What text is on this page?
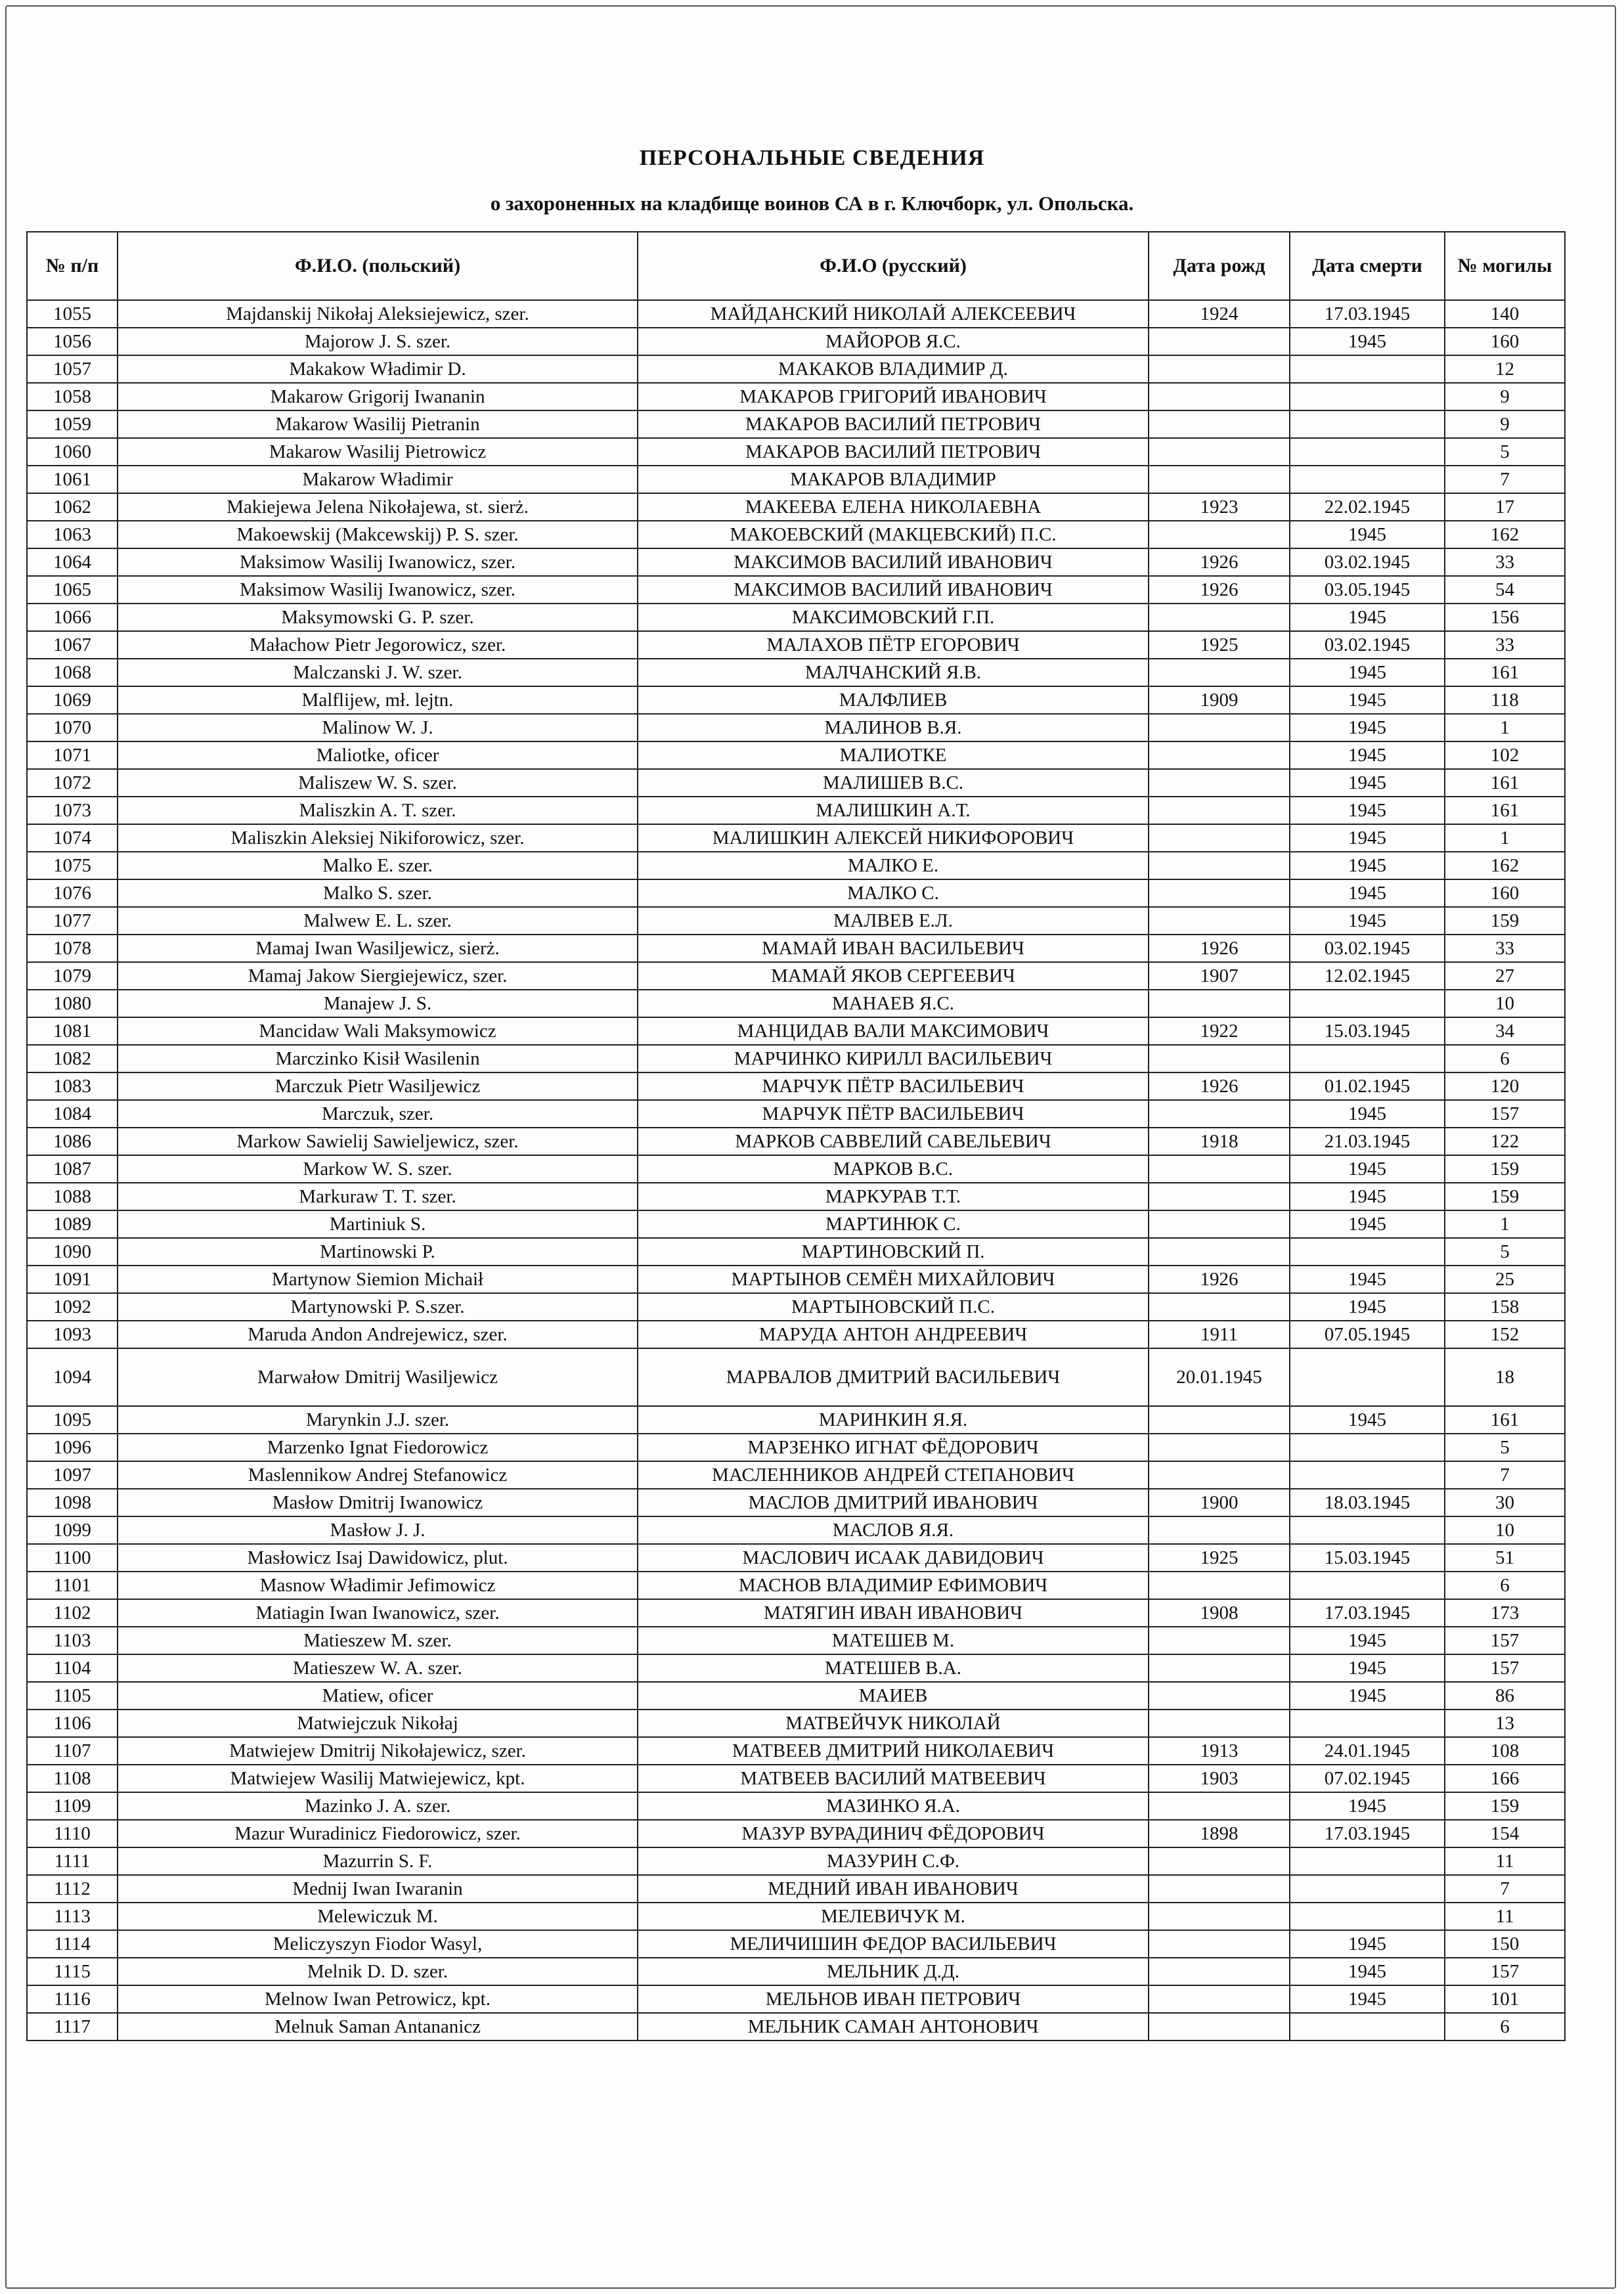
ПЕРСОНАЛЬНЫЕ СВЕДЕНИЯ
о захороненных на кладбище воинов СА в г. Ключборк, ул. Опольска.
№ п/п	Ф.И.О. (польский)	Ф.И.О (русский)	Дата рожд	Дата смерти	№ могилы
1055	Majdanskij Nikołaj Aleksiejewicz, szer.	МАЙДАНСКИЙ НИКОЛАЙ АЛЕКСЕЕВИЧ	1924	17.03.1945	140
1056	Majorow J. S. szer.	МАЙОРОВ Я.С.		1945	160
1057	Makakow Władimir D.	МАКАКОВ ВЛАДИМИР Д.			12
1058	Makarow Grigorij Iwananin	МАКАРОВ ГРИГОРИЙ ИВАНОВИЧ			9
1059	Makarow Wasilij Pietranin	МАКАРОВ ВАСИЛИЙ ПЕТРОВИЧ			9
1060	Makarow Wasilij Pietrowicz	МАКАРОВ ВАСИЛИЙ ПЕТРОВИЧ			5
1061	Makarow Władimir	МАКАРОВ ВЛАДИМИР			7
1062	Makiejewa Jelena Nikołajewa, st. sierż.	МАКЕЕВА ЕЛЕНА НИКОЛАЕВНА	1923	22.02.1945	17
1063	Makoewskij (Makcewskij) P. S. szer.	МАКОЕВСКИЙ (МАКЦЕВСКИЙ) П.С.		1945	162
1064	Maksimow Wasilij Iwanowicz, szer.	МАКСИМОВ ВАСИЛИЙ ИВАНОВИЧ	1926	03.02.1945	33
1065	Maksimow Wasilij Iwanowicz, szer.	МАКСИМОВ ВАСИЛИЙ ИВАНОВИЧ	1926	03.05.1945	54
1066	Maksymowski G. P. szer.	МАКСИМОВСКИЙ Г.П.		1945	156
1067	Małachow Pietr Jegorowicz, szer.	МАЛАХОВ ПЁТР ЕГОРОВИЧ	1925	03.02.1945	33
1068	Malczanski J. W. szer.	МАЛЧАНСКИЙ Я.В.		1945	161
1069	Malflijew, mł. lejtn.	МАЛФЛИЕВ	1909	1945	118
1070	Malinow W. J.	МАЛИНОВ В.Я.		1945	1
1071	Maliotke, oficer	МАЛИОТКЕ		1945	102
1072	Maliszew W. S. szer.	МАЛИШЕВ В.С.		1945	161
1073	Maliszkin A. T. szer.	МАЛИШКИН А.Т.		1945	161
1074	Maliszkin Aleksiej Nikiforowicz, szer.	МАЛИШКИН АЛЕКСЕЙ НИКИФОРОВИЧ		1945	1
1075	Malko E. szer.	МАЛКО Е.		1945	162
1076	Malko S. szer.	МАЛКО С.		1945	160
1077	Malwew E. L. szer.	МАЛВЕВ Е.Л.		1945	159
1078	Mamaj Iwan Wasiljewicz, sierż.	МАМАЙ ИВАН ВАСИЛЬЕВИЧ	1926	03.02.1945	33
1079	Mamaj Jakow Siergiejewicz, szer.	МАМАЙ ЯКОВ СЕРГЕЕВИЧ	1907	12.02.1945	27
1080	Manajew J. S.	МАНАЕВ Я.С.			10
1081	Mancidaw Wali Maksymowicz	МАНЦИДАВ ВАЛИ МАКСИМОВИЧ	1922	15.03.1945	34
1082	Marczinko Kisił Wasilenin	МАРЧИНКО КИРИЛЛ ВАСИЛЬЕВИЧ			6
1083	Marczuk Pietr Wasiljewicz	МАРЧУК ПЁТР ВАСИЛЬЕВИЧ	1926	01.02.1945	120
1084	Marczuk, szer.	МАРЧУК ПЁТР ВАСИЛЬЕВИЧ		1945	157
1086	Markow Sawielij Sawieljewicz, szer.	МАРКОВ САВВЕЛИЙ САВЕЛЬЕВИЧ	1918	21.03.1945	122
1087	Markow W. S. szer.	МАРКОВ В.С.		1945	159
1088	Markuraw T. T. szer.	МАРКУРАВ Т.Т.		1945	159
1089	Martiniuk S.	МАРТИНЮК С.		1945	1
1090	Martinowski P.	МАРТИНОВСКИЙ П.			5
1091	Martynow Siemion Michaił	МАРТЫНОВ СЕМЁН МИХАЙЛОВИЧ	1926	1945	25
1092	Martynowski P. S.szer.	МАРТЫНОВСКИЙ П.С.		1945	158
1093	Maruda Andon Andrejewicz, szer.	МАРУДА АНТОН АНДРЕЕВИЧ	1911	07.05.1945	152
1094	Marwałow Dmitrij Wasiljewicz	МАРВАЛОВ ДМИТРИЙ ВАСИЛЬЕВИЧ	20.01.1945		18
1095	Marynkin J.J. szer.	МАРИНКИН Я.Я.		1945	161
1096	Marzenko Ignat Fiedorowicz	МАРЗЕНКО ИГНАТ ФЁДОРОВИЧ			5
1097	Maslennikow Andrej Stefanowicz	МАСЛЕННИКОВ АНДРЕЙ СТЕПАНОВИЧ			7
1098	Masłow Dmitrij Iwanowicz	МАСЛОВ ДМИТРИЙ ИВАНОВИЧ	1900	18.03.1945	30
1099	Masłow J. J.	МАСЛОВ Я.Я.			10
1100	Masłowicz Isaj Dawidowicz, plut.	МАСЛОВИЧ ИСААК ДАВИДОВИЧ	1925	15.03.1945	51
1101	Masnow Władimir Jefimowicz	МАСНОВ ВЛАДИМИР ЕФИМОВИЧ			6
1102	Matiagin Iwan Iwanowicz, szer.	МАТЯГИН ИВАН ИВАНОВИЧ	1908	17.03.1945	173
1103	Matieszew M. szer.	МАТЕШЕВ М.		1945	157
1104	Matieszew W. A. szer.	МАТЕШЕВ В.А.		1945	157
1105	Matiew, oficer	МАИЕВ		1945	86
1106	Matwiejczuk Nikołaj	МАТВЕЙЧУК НИКОЛАЙ			13
1107	Matwiejew Dmitrij Nikołajewicz, szer.	МАТВЕЕВ ДМИТРИЙ НИКОЛАЕВИЧ	1913	24.01.1945	108
1108	Matwiejew Wasilij Matwiejewicz, kpt.	МАТВЕЕВ ВАСИЛИЙ МАТВЕЕВИЧ	1903	07.02.1945	166
1109	Mazinko J. A. szer.	МАЗИНКО Я.А.		1945	159
1110	Mazur Wuradinicz Fiedorowicz, szer.	МАЗУР ВУРАДИНИЧ ФЁДОРОВИЧ	1898	17.03.1945	154
1111	Mazurrin S. F.	МАЗУРИН С.Ф.			11
1112	Mednij Iwan Iwaranin	МЕДНИЙ ИВАН ИВАНОВИЧ			7
1113	Melewiczuk M.	МЕЛЕВИЧУК М.			11
1114	Meliczyszyn Fiodor Wasyl,	МЕЛИЧИШИН ФЕДОР ВАСИЛЬЕВИЧ		1945	150
1115	Melnik D. D. szer.	МЕЛЬНИК Д.Д.		1945	157
1116	Melnow Iwan Petrowicz, kpt.	МЕЛЬНОВ ИВАН ПЕТРОВИЧ		1945	101
1117	Melnuk Saman Antananicz	МЕЛЬНИК САМАН АНТОНОВИЧ			6
